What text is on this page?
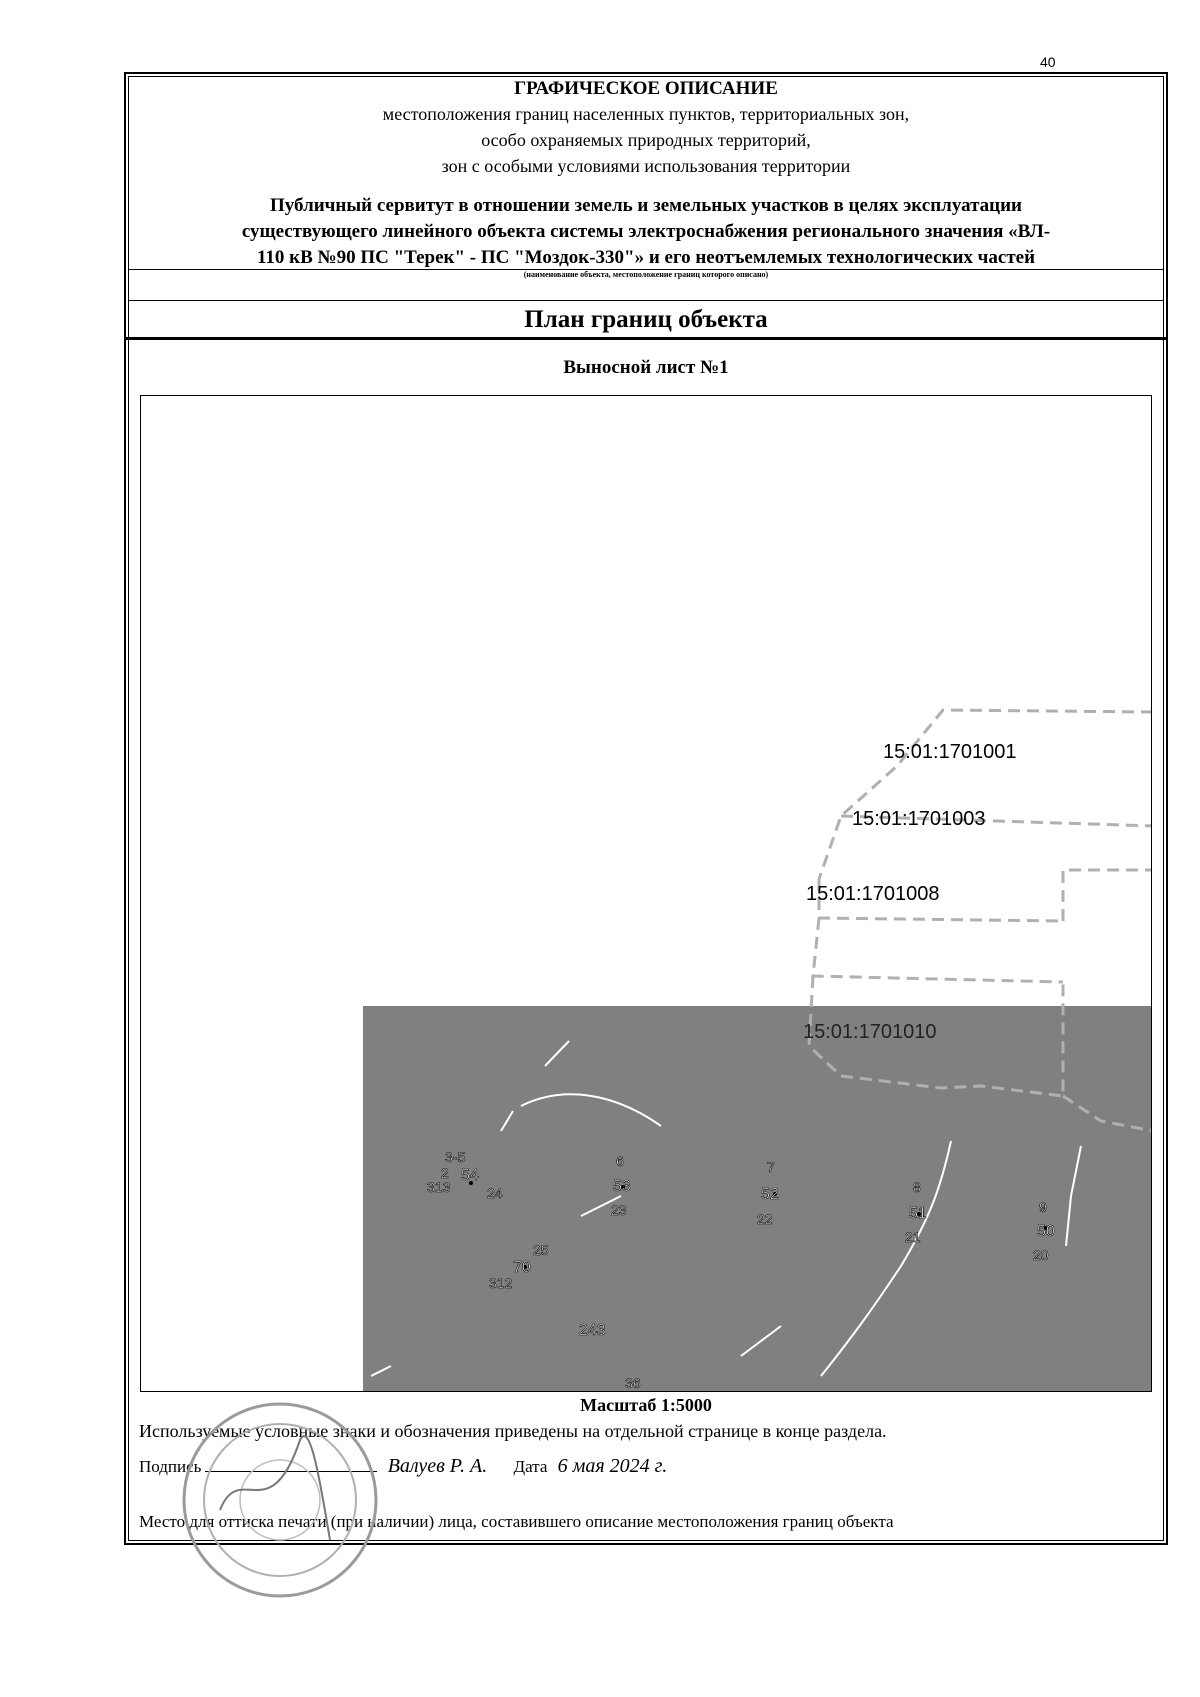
40
ГРАФИЧЕСКОЕ ОПИСАНИЕ
местоположения границ населенных пунктов, территориальных зон,
особо охраняемых природных территорий,
зон с особыми условиями использования территории
Публичный сервитут в отношении земель и земельных участков в целях эксплуатации
существующего линейного объекта системы электроснабжения регионального значения «ВЛ-
110 кВ №90 ПС "Терек" - ПС "Моздок-330"» и его неотъемлемых технологических частей
(наименование объекта, местоположение границ которого описано)
План границ объекта
Выносной лист №1
15:01:1701001
15:01:1701003
15:01:1701008
15:01:1701010
3-5
2 54
313	24
6
53
23
7
52
22
8
51
21
9
50
20
25
70
312
243
36
Масштаб 1:5000
Используемые условные знаки и обозначения приведены на отдельной странице в конце раздела.
Подпись	Валуев Р. А. Дата 6 мая 2024 г.
Место для оттиска печати (при наличии) лица, составившего описание местоположения границ объекта
